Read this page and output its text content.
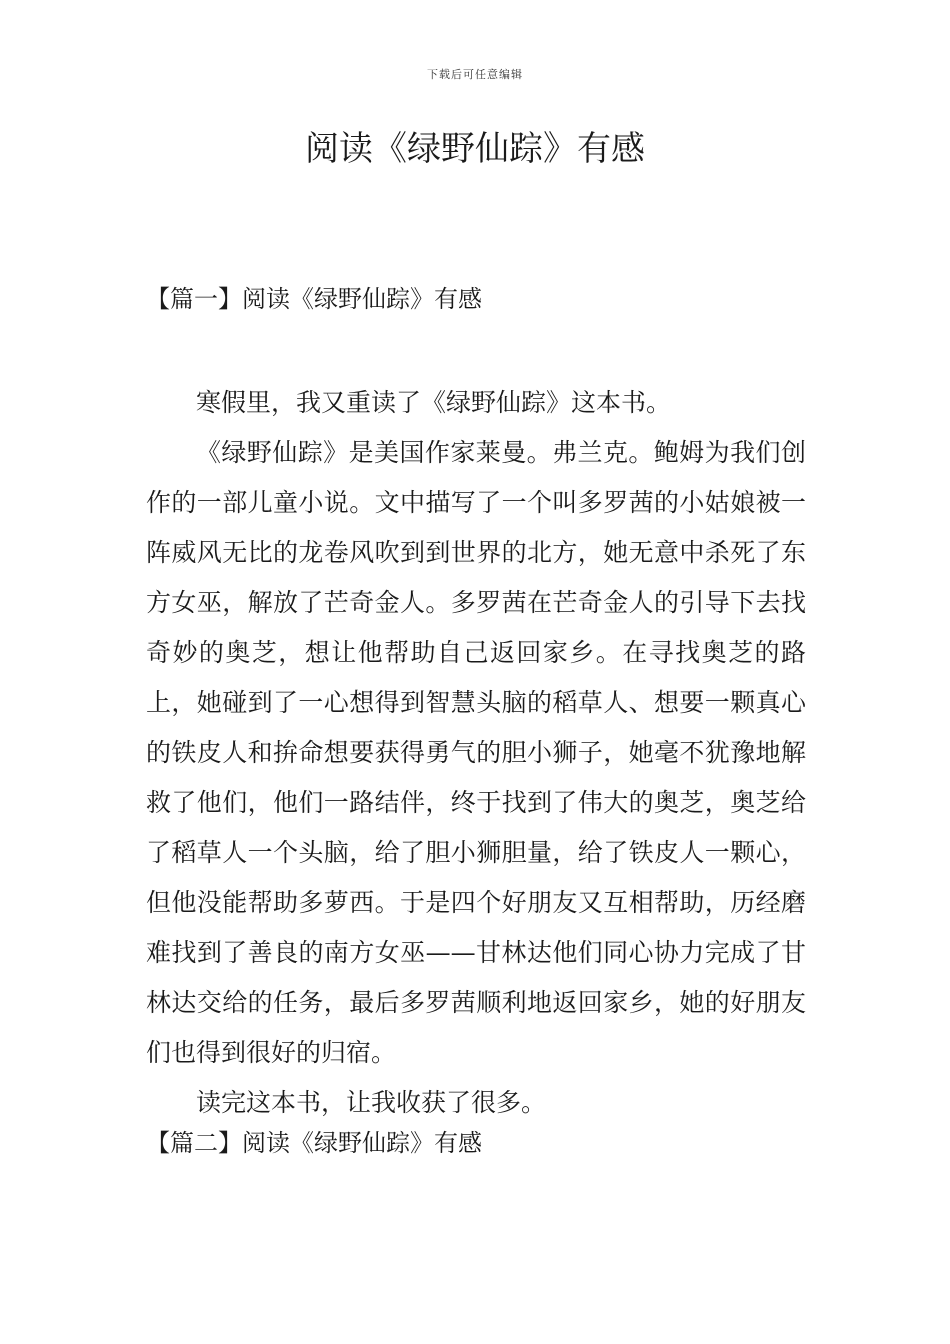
下载后可任意编辑
阅读《绿野仙踪》有感
【篇一】阅读《绿野仙踪》有感

寒假里，我又重读了《绿野仙踪》这本书。

《绿野仙踪》是美国作家莱曼。弗兰克。鲍姆为我们创作的一部儿童小说。文中描写了一个叫多罗茜的小姑娘被一阵威风无比的龙卷风吹到到世界的北方，她无意中杀死了东方女巫，解放了芒奇金人。多罗茜在芒奇金人的引导下去找奇妙的奥芝，想让他帮助自己返回家乡。在寻找奥芝的路上，她碰到了一心想得到智慧头脑的稻草人、想要一颗真心的铁皮人和拚命想要获得勇气的胆小狮子，她毫不犹豫地解救了他们，他们一路结伴，终于找到了伟大的奥芝，奥芝给了稻草人一个头脑，给了胆小狮胆量，给了铁皮人一颗心，但他没能帮助多萝西。于是四个好朋友又互相帮助，历经磨难找到了善良的南方女巫——甘林达他们同心协力完成了甘林达交给的任务，最后多罗茜顺利地返回家乡，她的好朋友们也得到很好的归宿。

读完这本书，让我收获了很多。

【篇二】阅读《绿野仙踪》有感
